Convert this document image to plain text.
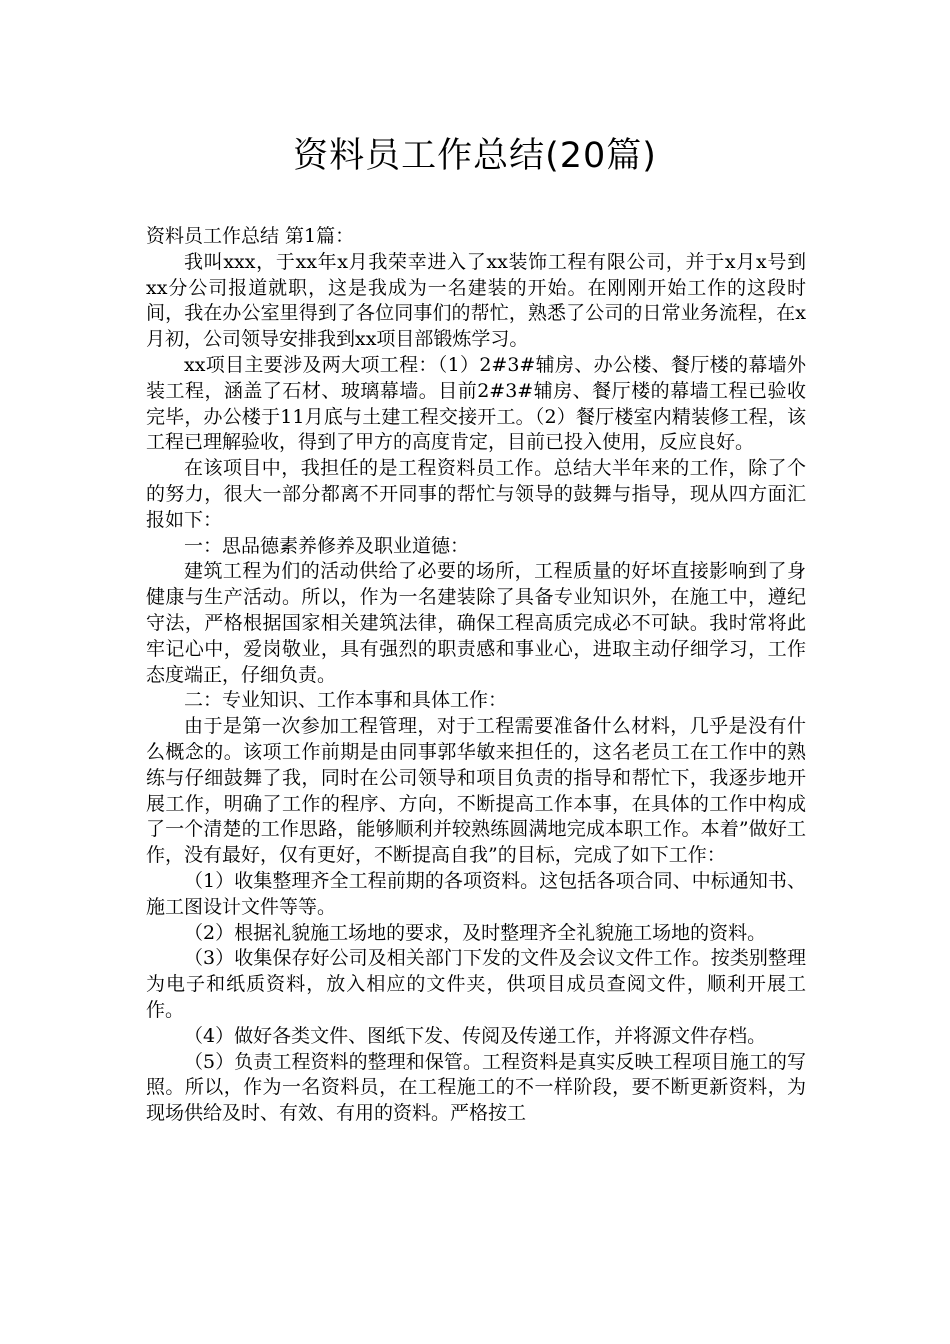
资料员工作总结(20篇)

资料员工作总结 第1篇：

我叫xxx，于xx年x月我荣幸进入了xx装饰工程有限公司，并于x月x号到xx分公司报道就职，这是我成为一名建装的开始。在刚刚开始工作的这段时间，我在办公室里得到了各位同事们的帮忙，熟悉了公司的日常业务流程，在x月初，公司领导安排我到xx项目部锻炼学习。

xx项目主要涉及两大项工程：（1）2#3#辅房、办公楼、餐厅楼的幕墙外装工程，涵盖了石材、玻璃幕墙。目前2#3#辅房、餐厅楼的幕墙工程已验收完毕，办公楼于11月底与土建工程交接开工。（2）餐厅楼室内精装修工程，该工程已理解验收，得到了甲方的高度肯定，目前已投入使用，反应良好。

在该项目中，我担任的是工程资料员工作。总结大半年来的工作，除了个的努力，很大一部分都离不开同事的帮忙与领导的鼓舞与指导，现从四方面汇报如下：

一：思品德素养修养及职业道德：

建筑工程为们的活动供给了必要的场所，工程质量的好坏直接影响到了身健康与生产活动。所以，作为一名建装除了具备专业知识外，在施工中，遵纪守法，严格根据国家相关建筑法律，确保工程高质完成必不可缺。我时常将此牢记心中，爱岗敬业，具有强烈的职责感和事业心，进取主动仔细学习，工作态度端正，仔细负责。

二：专业知识、工作本事和具体工作：

由于是第一次参加工程管理，对于工程需要准备什么材料，几乎是没有什么概念的。该项工作前期是由同事郭华敏来担任的，这名老员工在工作中的熟练与仔细鼓舞了我，同时在公司领导和项目负责的指导和帮忙下，我逐步地开展工作，明确了工作的程序、方向，不断提高工作本事，在具体的工作中构成了一个清楚的工作思路，能够顺利并较熟练圆满地完成本职工作。本着”做好工作，没有最好，仅有更好，不断提高自我”的目标，完成了如下工作：

（1）收集整理齐全工程前期的各项资料。这包括各项合同、中标通知书、施工图设计文件等等。

（2）根据礼貌施工场地的要求，及时整理齐全礼貌施工场地的资料。

（3）收集保存好公司及相关部门下发的文件及会议文件工作。按类别整理为电子和纸质资料，放入相应的文件夹，供项目成员查阅文件，顺利开展工作。

（4）做好各类文件、图纸下发、传阅及传递工作，并将源文件存档。

（5）负责工程资料的整理和保管。工程资料是真实反映工程项目施工的写照。所以，作为一名资料员，在工程施工的不一样阶段，要不断更新资料，为现场供给及时、有效、有用的资料。严格按工
